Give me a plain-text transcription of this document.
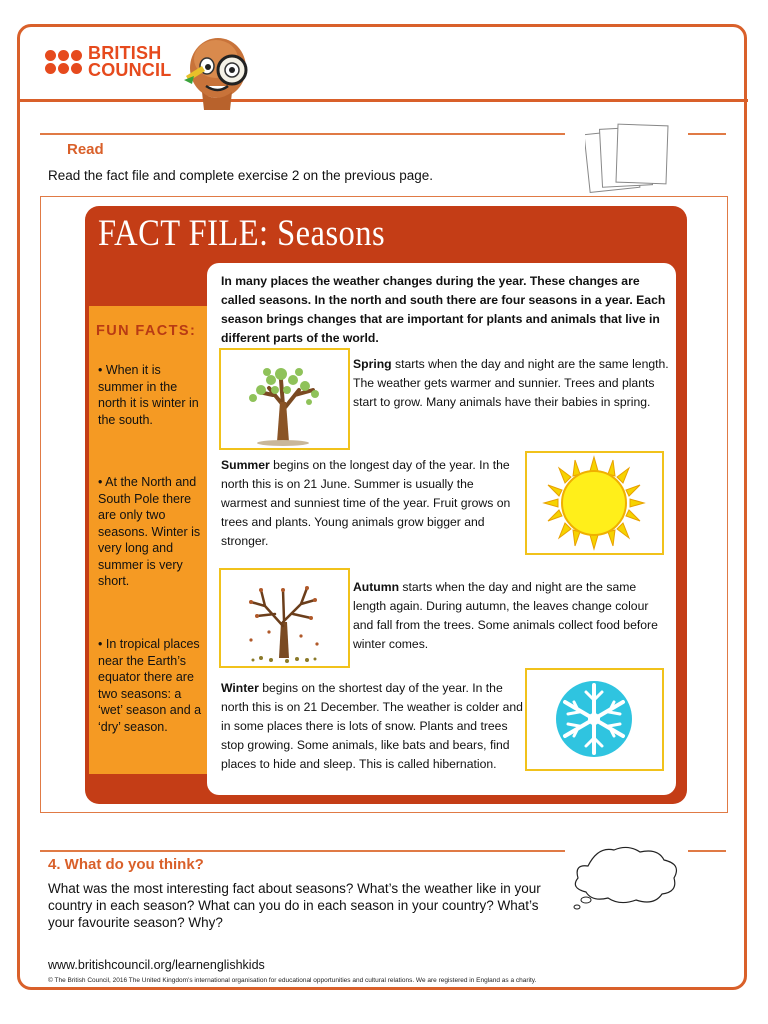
BRITISH
COUNCIL
Read
Read the fact file and complete exercise 2 on the previous page.
FACT FILE: Seasons
FUN FACTS:
• When it is summer in the north it is winter in the south.
• At the North and South Pole there are only two seasons. Winter is very long and summer is very short.
• In tropical places near the Earth’s equator there are two seasons: a ‘wet’ season and a ‘dry’ season.
In many places the weather changes during the year. These changes are called seasons. In the north and south there are four seasons in a year. Each season brings changes that are important for plants and animals that live in different parts of the world.
Spring starts when the day and night are the same length. The weather gets warmer and sunnier. Trees and plants start to grow. Many animals have their babies in spring.
Summer begins on the longest day of the year. In the north this is on 21 June. Summer is usually the warmest and sunniest time of the year. Fruit grows on trees and plants. Young animals grow bigger and stronger.
Autumn starts when the day and night are the same length again. During autumn, the leaves change colour and fall from the trees. Some animals collect food before winter comes.
Winter begins on the shortest day of the year. In the north this is on 21 December. The weather is colder and in some places there is lots of snow. Plants and trees stop growing. Some animals, like bats and bears, find places to hide and sleep. This is called hibernation.
4. What do you think?
What was the most interesting fact about seasons? What’s the weather like in your country in each season? What can you do in each season in your country? What’s your favourite season? Why?
www.britishcouncil.org/learnenglishkids
© The British Council, 2016 The United Kingdom’s international organisation for educational opportunities and cultural relations. We are registered in England as a charity.
